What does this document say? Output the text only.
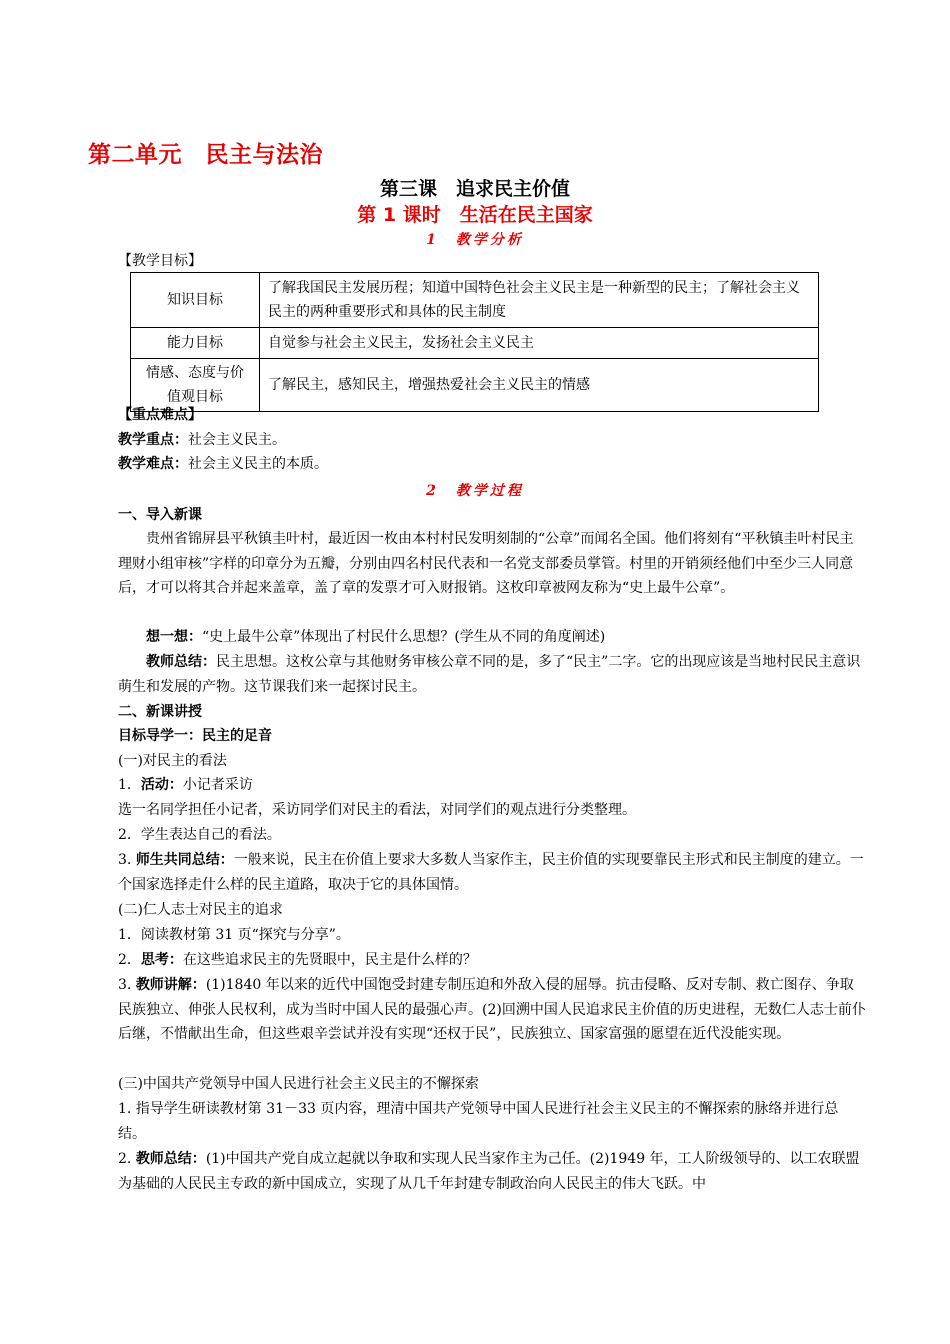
第二单元　民主与法治
第三课　追求民主价值
第 1 课时　生活在民主国家
1　教学分析
【教学目标】
知识目标	了解我国民主发展历程；知道中国特色社会主义民主是一种新型的民主；了解社会主义民主的两种重要形式和具体的民主制度
能力目标	自觉参与社会主义民主，发扬社会主义民主
情感、态度与价值观目标	了解民主，感知民主，增强热爱社会主义民主的情感
【重点难点】
教学重点：社会主义民主。
教学难点：社会主义民主的本质。
2　教学过程
一、导入新课
贵州省锦屏县平秋镇圭叶村，最近因一枚由本村村民发明刻制的“公章”而闻名全国。他们将刻有“平秋镇圭叶村民主理财小组审核”字样的印章分为五瓣，分别由四名村民代表和一名党支部委员掌管。村里的开销须经他们中至少三人同意后，才可以将其合并起来盖章，盖了章的发票才可入财报销。这枚印章被网友称为“史上最牛公章”。
想一想：“史上最牛公章”体现出了村民什么思想？(学生从不同的角度阐述)
教师总结：民主思想。这枚公章与其他财务审核公章不同的是，多了“民主”二字。它的出现应该是当地村民民主意识萌生和发展的产物。这节课我们来一起探讨民主。
二、新课讲授
目标导学一：民主的足音
(一)对民主的看法
1．活动：小记者采访
选一名同学担任小记者，采访同学们对民主的看法，对同学们的观点进行分类整理。
2．学生表达自己的看法。
3. 师生共同总结：一般来说，民主在价值上要求大多数人当家作主，民主价值的实现要靠民主形式和民主制度的建立。一个国家选择走什么样的民主道路，取决于它的具体国情。
(二)仁人志士对民主的追求
1．阅读教材第 31 页“探究与分享”。
2．思考：在这些追求民主的先贤眼中，民主是什么样的？
3. 教师讲解：(1)1840 年以来的近代中国饱受封建专制压迫和外敌入侵的屈辱。抗击侵略、反对专制、救亡图存、争取民族独立、伸张人民权利，成为当时中国人民的最强心声。(2)回溯中国人民追求民主价值的历史进程，无数仁人志士前仆后继，不惜献出生命，但这些艰辛尝试并没有实现“还权于民”，民族独立、国家富强的愿望在近代没能实现。
(三)中国共产党领导中国人民进行社会主义民主的不懈探索
1. 指导学生研读教材第 31－33 页内容，理清中国共产党领导中国人民进行社会主义民主的不懈探索的脉络并进行总结。
2. 教师总结：(1)中国共产党自成立起就以争取和实现人民当家作主为己任。(2)1949 年，工人阶级领导的、以工农联盟为基础的人民民主专政的新中国成立，实现了从几千年封建专制政治向人民民主的伟大飞跃。中
